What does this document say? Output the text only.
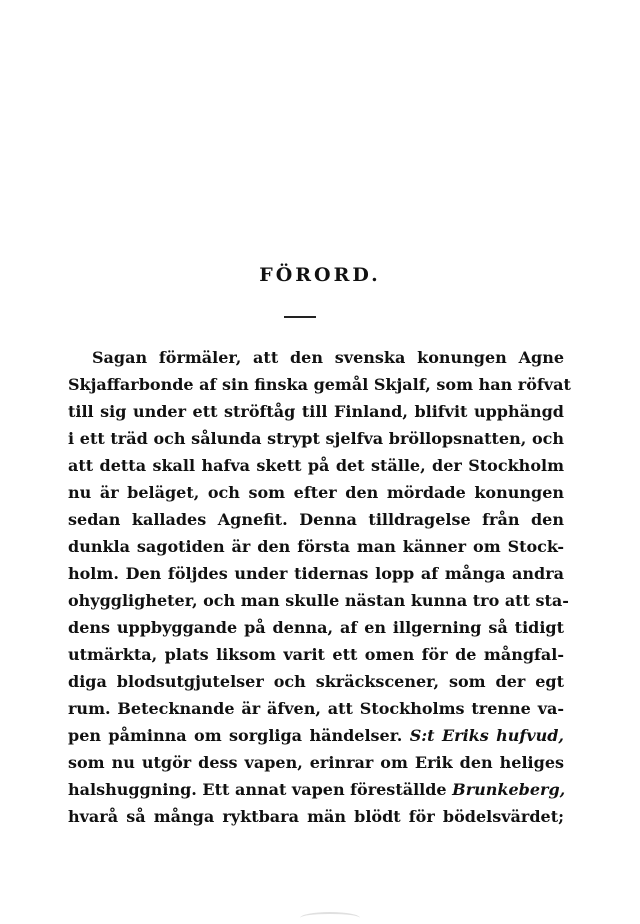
FÖRORD.
Sagan förmäler, att den svenska konungen Agne
Skjaffarbonde af sin finska gemål Skjalf, som han röfvat
till sig under ett ströftåg till Finland, blifvit upphängd
i ett träd och sålunda strypt sjelfva bröllopsnatten, och
att detta skall hafva skett på det ställe, der Stockholm
nu är beläget, och som efter den mördade konungen
sedan kallades Agnefit. Denna tilldragelse från den
dunkla sagotiden är den första man känner om Stock-
holm. Den följdes under tidernas lopp af många andra
ohyggligheter, och man skulle nästan kunna tro att sta-
dens uppbyggande på denna, af en illgerning så tidigt
utmärkta, plats liksom varit ett omen för de mångfal-
diga blodsutgjutelser och skräckscener, som der egt
rum. Betecknande är äfven, att Stockholms trenne va-
pen påminna om sorgliga händelser. S:t Eriks hufvud,
som nu utgör dess vapen, erinrar om Erik den heliges
halshuggning. Ett annat vapen föreställde Brunkeberg,
hvarå så många ryktbara män blödt för bödelsvärdet;
